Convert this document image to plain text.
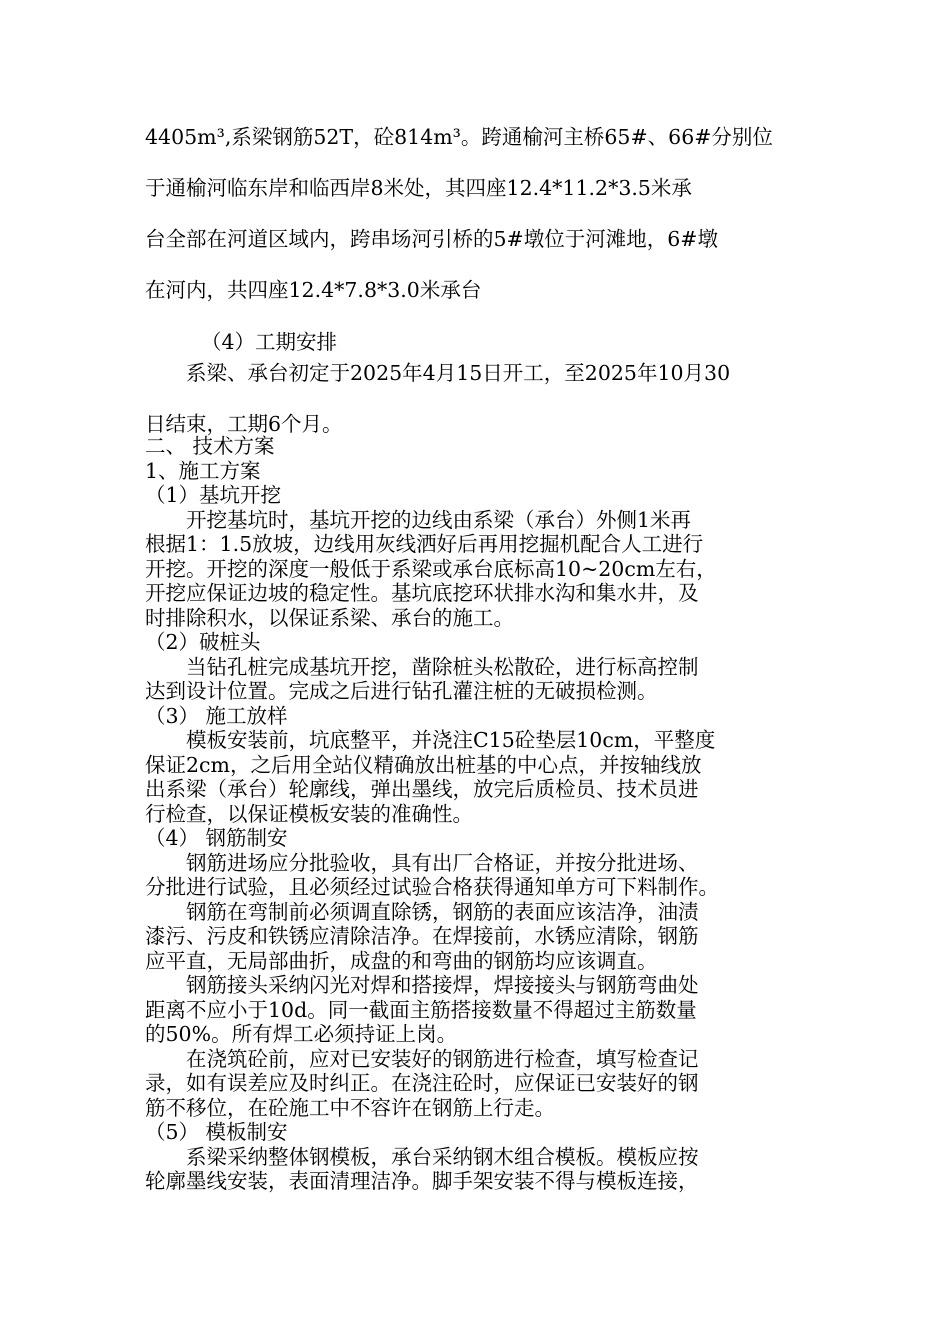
4405m³,系梁钢筋52T，砼814m³。跨通榆河主桥65#、66#分别位
于通榆河临东岸和临西岸8米处，其四座12.4*11.2*3.5米承
台全部在河道区域内，跨串场河引桥的5#墩位于河滩地，6#墩
在河内，共四座12.4*7.8*3.0米承台
（4）工期安排
系梁、承台初定于2025年4月15日开工，至2025年10月30
日结束，工期6个月。
二、 技术方案
1、施工方案
（1）基坑开挖
开挖基坑时，基坑开挖的边线由系梁（承台）外侧1米再
根据1：1.5放坡，边线用灰线洒好后再用挖掘机配合人工进行
开挖。开挖的深度一般低于系梁或承台底标高10~20cm左右，
开挖应保证边坡的稳定性。基坑底挖环状排水沟和集水井，及
时排除积水，以保证系梁、承台的施工。
（2）破桩头
当钻孔桩完成基坑开挖，凿除桩头松散砼，进行标高控制
达到设计位置。完成之后进行钻孔灌注桩的无破损检测。
（3） 施工放样
模板安装前，坑底整平，并浇注C15砼垫层10cm，平整度
保证2cm，之后用全站仪精确放出桩基的中心点，并按轴线放
出系梁（承台）轮廓线，弹出墨线，放完后质检员、技术员进
行检查，以保证模板安装的准确性。
（4） 钢筋制安
钢筋进场应分批验收，具有出厂合格证，并按分批进场、
分批进行试验，且必须经过试验合格获得通知单方可下料制作。
钢筋在弯制前必须调直除锈，钢筋的表面应该洁净，油渍
漆污、污皮和铁锈应清除洁净。在焊接前，水锈应清除，钢筋
应平直，无局部曲折，成盘的和弯曲的钢筋均应该调直。
钢筋接头采纳闪光对焊和搭接焊，焊接接头与钢筋弯曲处
距离不应小于10d。同一截面主筋搭接数量不得超过主筋数量
的50%。所有焊工必须持证上岗。
在浇筑砼前，应对已安装好的钢筋进行检查，填写检查记
录，如有误差应及时纠正。在浇注砼时，应保证已安装好的钢
筋不移位，在砼施工中不容许在钢筋上行走。
（5） 模板制安
系梁采纳整体钢模板，承台采纳钢木组合模板。模板应按
轮廓墨线安装，表面清理洁净。脚手架安装不得与模板连接，
